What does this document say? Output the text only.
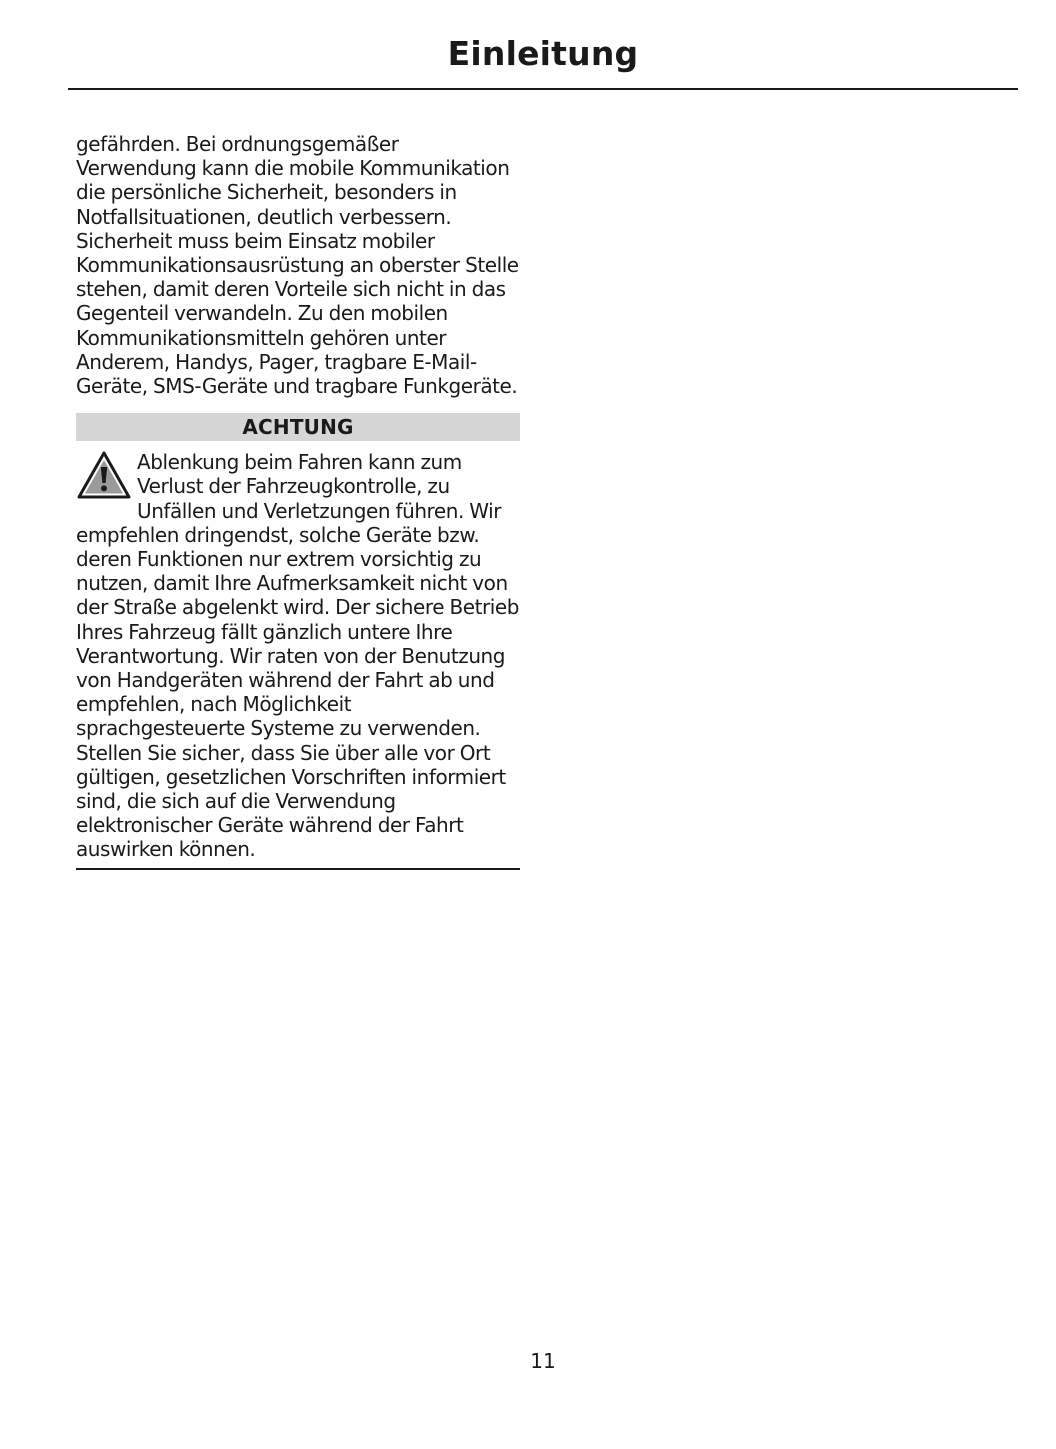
Einleitung

gefährden. Bei ordnungsgemäßer Verwendung kann die mobile Kommunikation die persönliche Sicherheit, besonders in Notfallsituationen, deutlich verbessern. Sicherheit muss beim Einsatz mobiler Kommunikationsausrüstung an oberster Stelle stehen, damit deren Vorteile sich nicht in das Gegenteil verwandeln. Zu den mobilen Kommunikationsmitteln gehören unter Anderem, Handys, Pager, tragbare E-Mail-Geräte, SMS-Geräte und tragbare Funkgeräte.

ACHTUNG

Ablenkung beim Fahren kann zum Verlust der Fahrzeugkontrolle, zu Unfällen und Verletzungen führen. Wir empfehlen dringendst, solche Geräte bzw. deren Funktionen nur extrem vorsichtig zu nutzen, damit Ihre Aufmerksamkeit nicht von der Straße abgelenkt wird. Der sichere Betrieb Ihres Fahrzeug fällt gänzlich untere Ihre Verantwortung. Wir raten von der Benutzung von Handgeräten während der Fahrt ab und empfehlen, nach Möglichkeit sprachgesteuerte Systeme zu verwenden. Stellen Sie sicher, dass Sie über alle vor Ort gültigen, gesetzlichen Vorschriften informiert sind, die sich auf die Verwendung elektronischer Geräte während der Fahrt auswirken können.

11
